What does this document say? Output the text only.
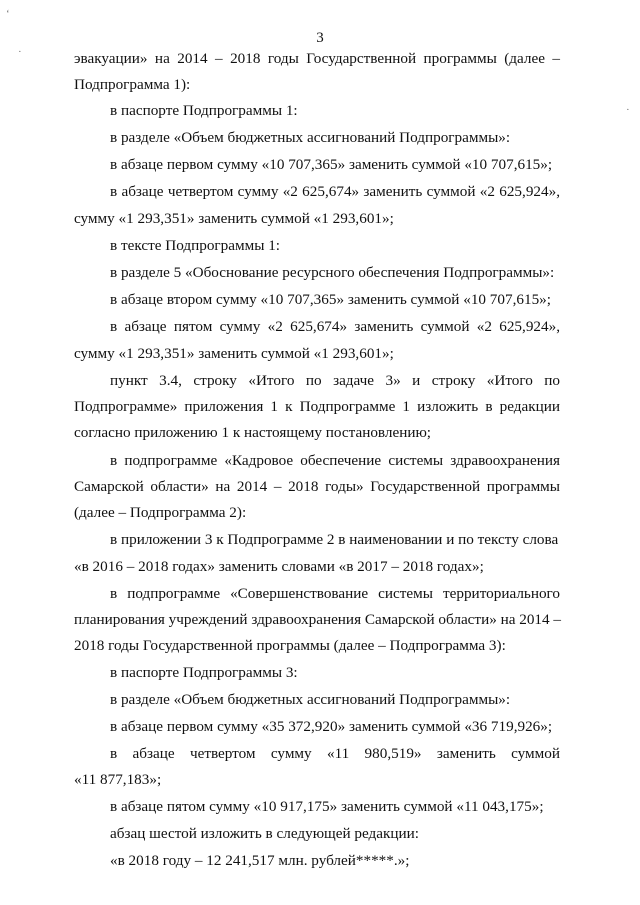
‘
·
·
3
эвакуации» на 2014 – 2018 годы Государственной программы (далее –
Подпрограмма 1):
в паспорте Подпрограммы 1:
в разделе «Объем бюджетных ассигнований Подпрограммы»:
в абзаце первом сумму «10 707,365» заменить суммой «10 707,615»;
в абзаце четвертом сумму «2 625,674» заменить суммой «2 625,924»,
сумму «1 293,351» заменить суммой «1 293,601»;
в тексте Подпрограммы 1:
в разделе 5 «Обоснование ресурсного обеспечения Подпрограммы»:
в абзаце втором сумму «10 707,365» заменить суммой «10 707,615»;
в абзаце пятом сумму «2 625,674» заменить суммой «2 625,924»,
сумму «1 293,351» заменить суммой «1 293,601»;
пункт 3.4, строку «Итого по задаче 3» и строку «Итого по
Подпрограмме» приложения 1 к Подпрограмме 1 изложить в редакции
согласно приложению 1 к настоящему постановлению;
в подпрограмме «Кадровое обеспечение системы здравоохранения
Самарской области» на 2014 – 2018 годы» Государственной программы
(далее – Подпрограмма 2):
в приложении 3 к Подпрограмме 2 в наименовании и по тексту слова
«в 2016 – 2018 годах» заменить словами «в 2017 – 2018 годах»;
в подпрограмме «Совершенствование системы территориального
планирования учреждений здравоохранения Самарской области» на 2014 –
2018 годы Государственной программы (далее – Подпрограмма 3):
в паспорте Подпрограммы 3:
в разделе «Объем бюджетных ассигнований Подпрограммы»:
в абзаце первом сумму «35 372,920» заменить суммой «36 719,926»;
в абзаце четвертом сумму «11 980,519» заменить суммой
«11 877,183»;
в абзаце пятом сумму «10 917,175» заменить суммой «11 043,175»;
абзац шестой изложить в следующей редакции:
«в 2018 году – 12 241,517 млн. рублей*****.»;
